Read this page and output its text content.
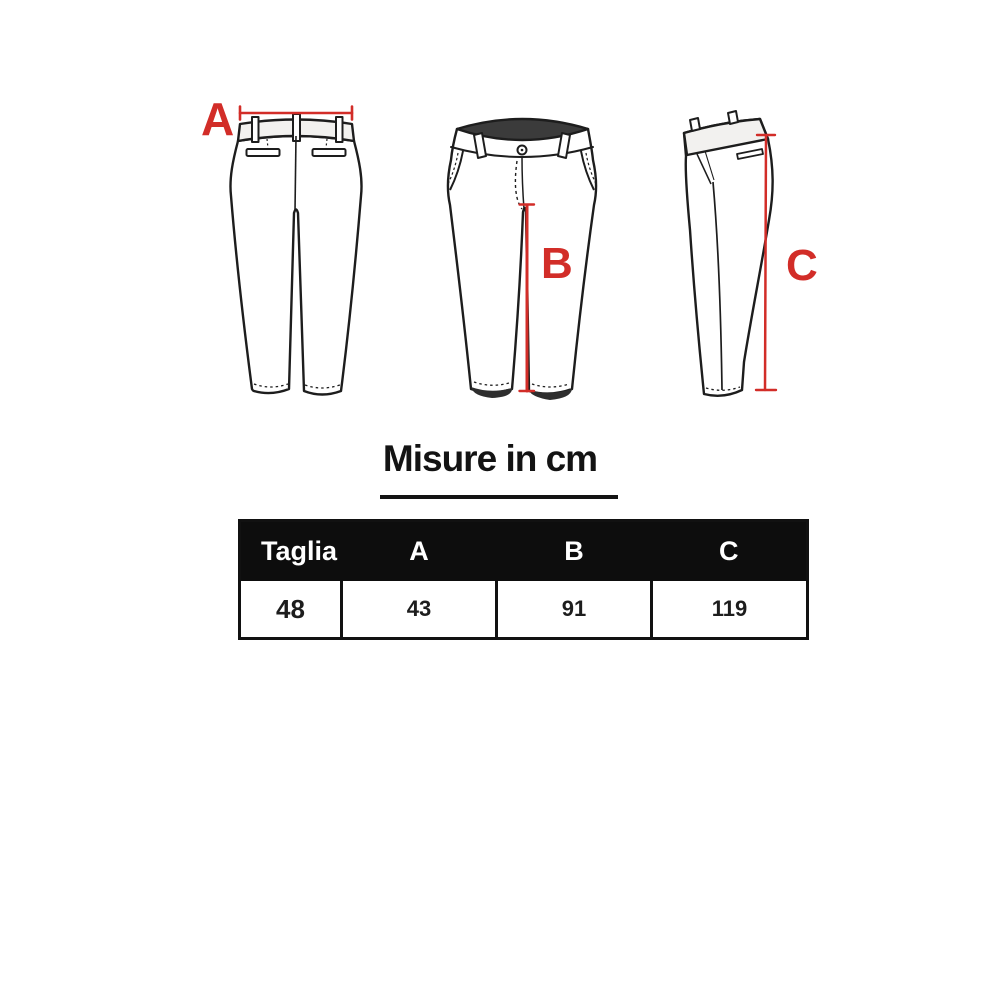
A
B	C
Misure in cm
Taglia	A	B	C
48	43	91	119
